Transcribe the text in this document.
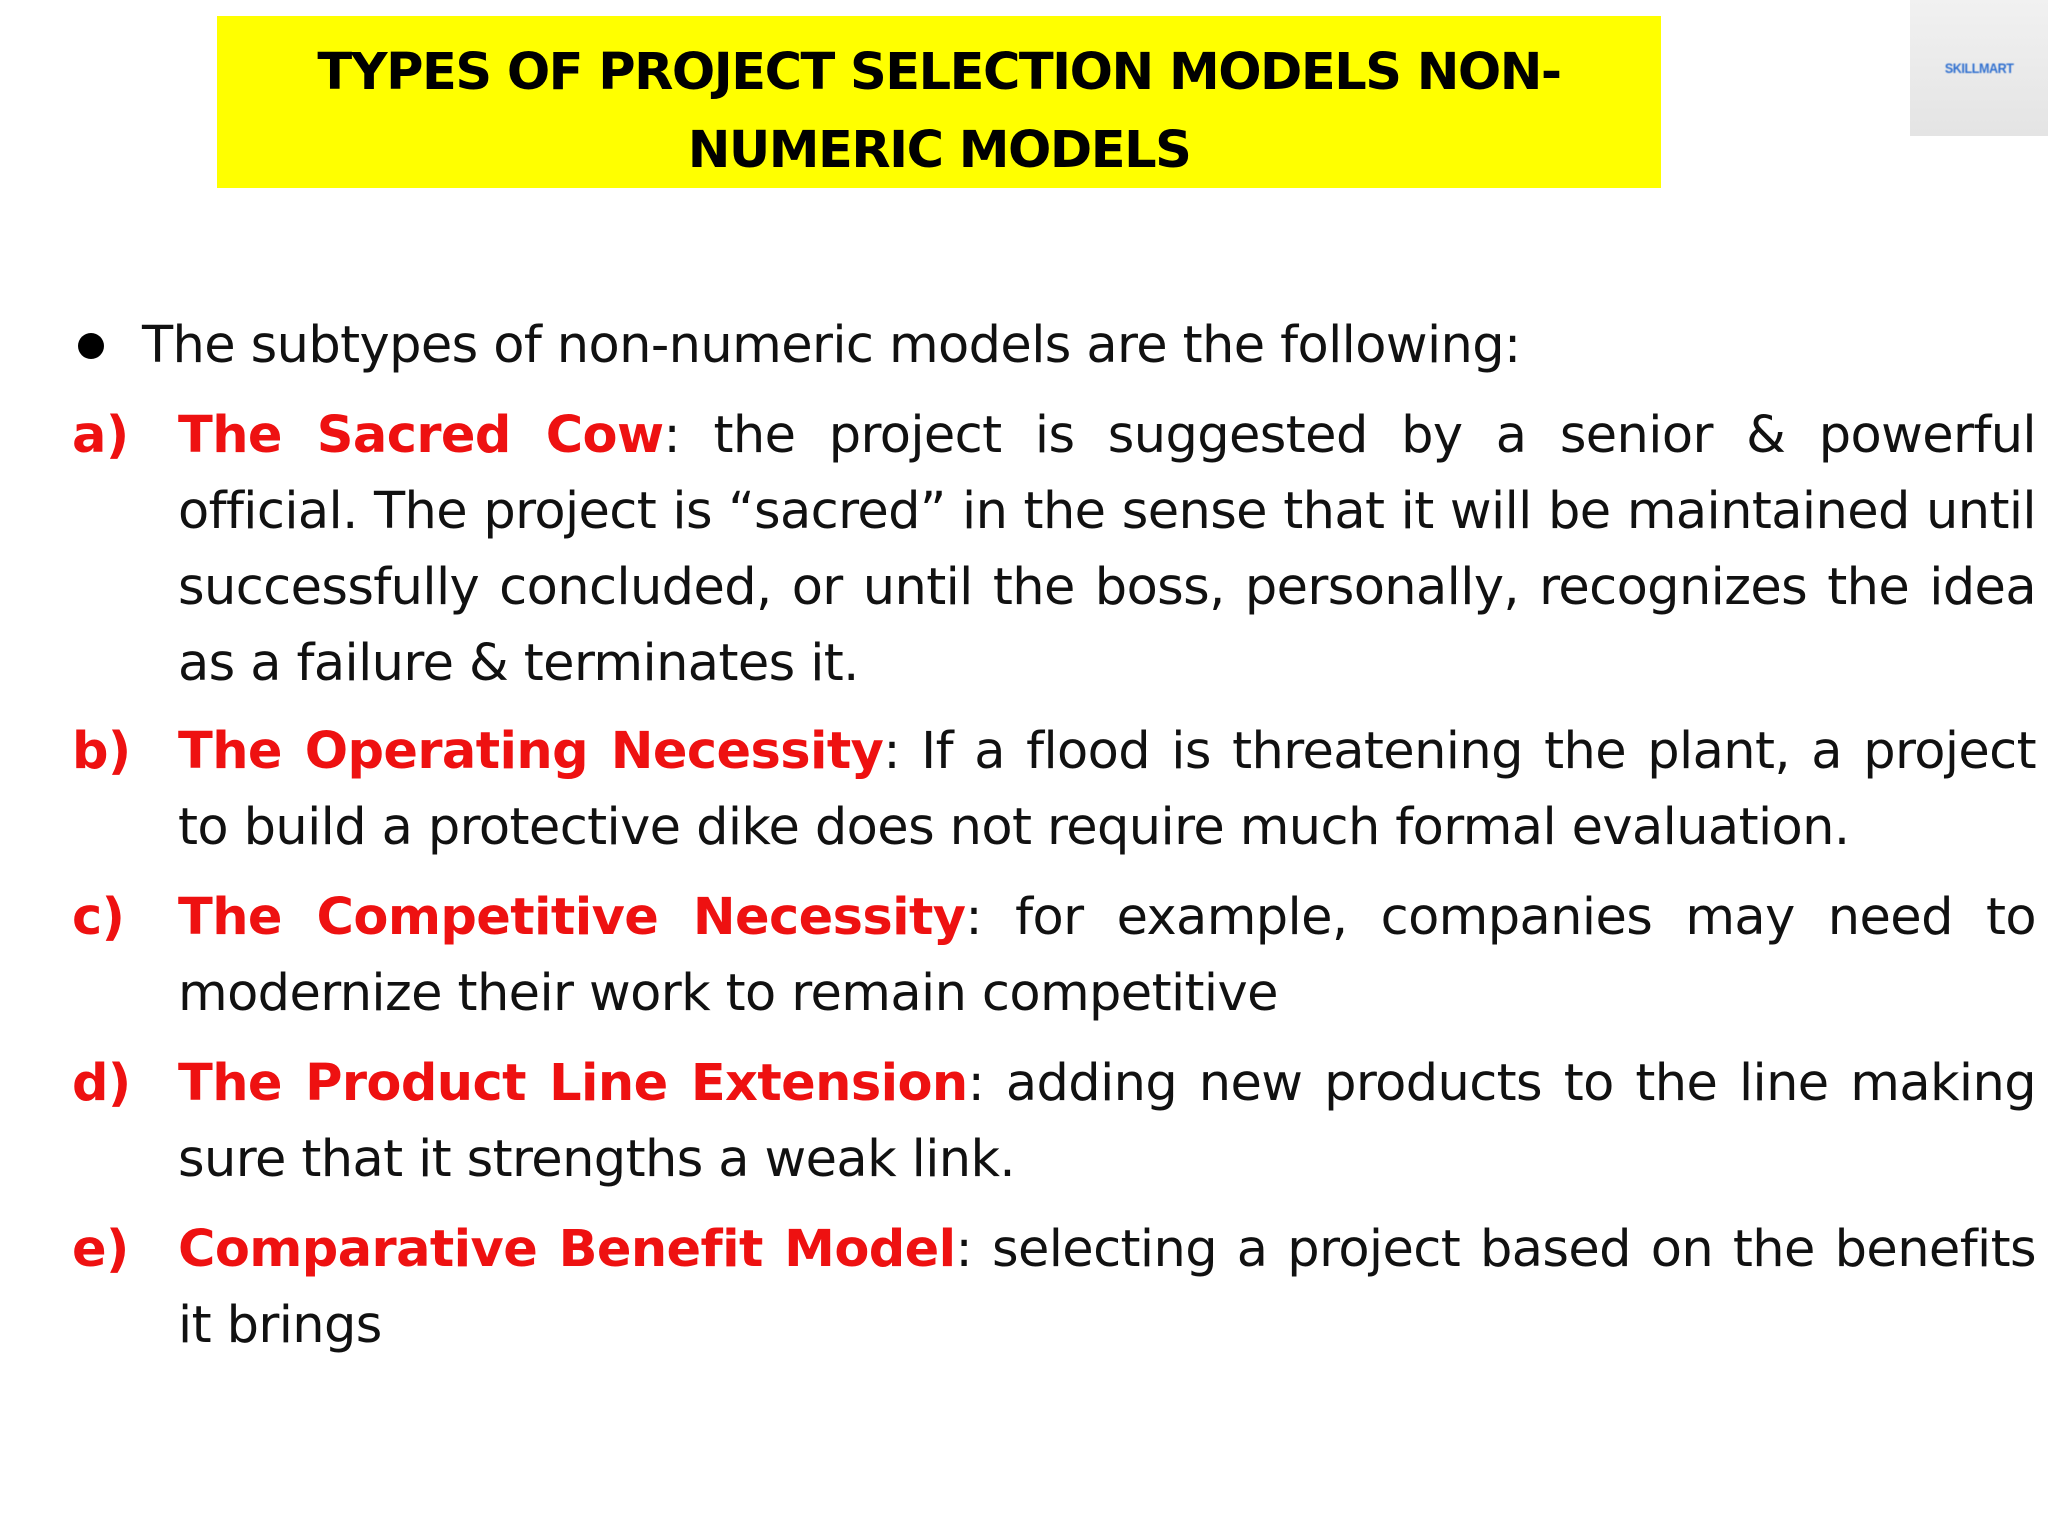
TYPES OF PROJECT SELECTION MODELS NON-
NUMERIC MODELS
SKILLMART
The subtypes of non-numeric models are the following:
a) The Sacred Cow: the project is suggested by a senior & powerful official. The project is “sacred” in the sense that it will be maintained until successfully concluded, or until the boss, personally, recognizes the idea as a failure & terminates it.
b) The Operating Necessity: If a flood is threatening the plant, a project to build a protective dike does not require much formal evaluation.
c) The Competitive Necessity: for example, companies may need to modernize their work to remain competitive
d) The Product Line Extension: adding new products to the line making sure that it strengths a weak link.
e) Comparative Benefit Model: selecting a project based on the benefits it brings
